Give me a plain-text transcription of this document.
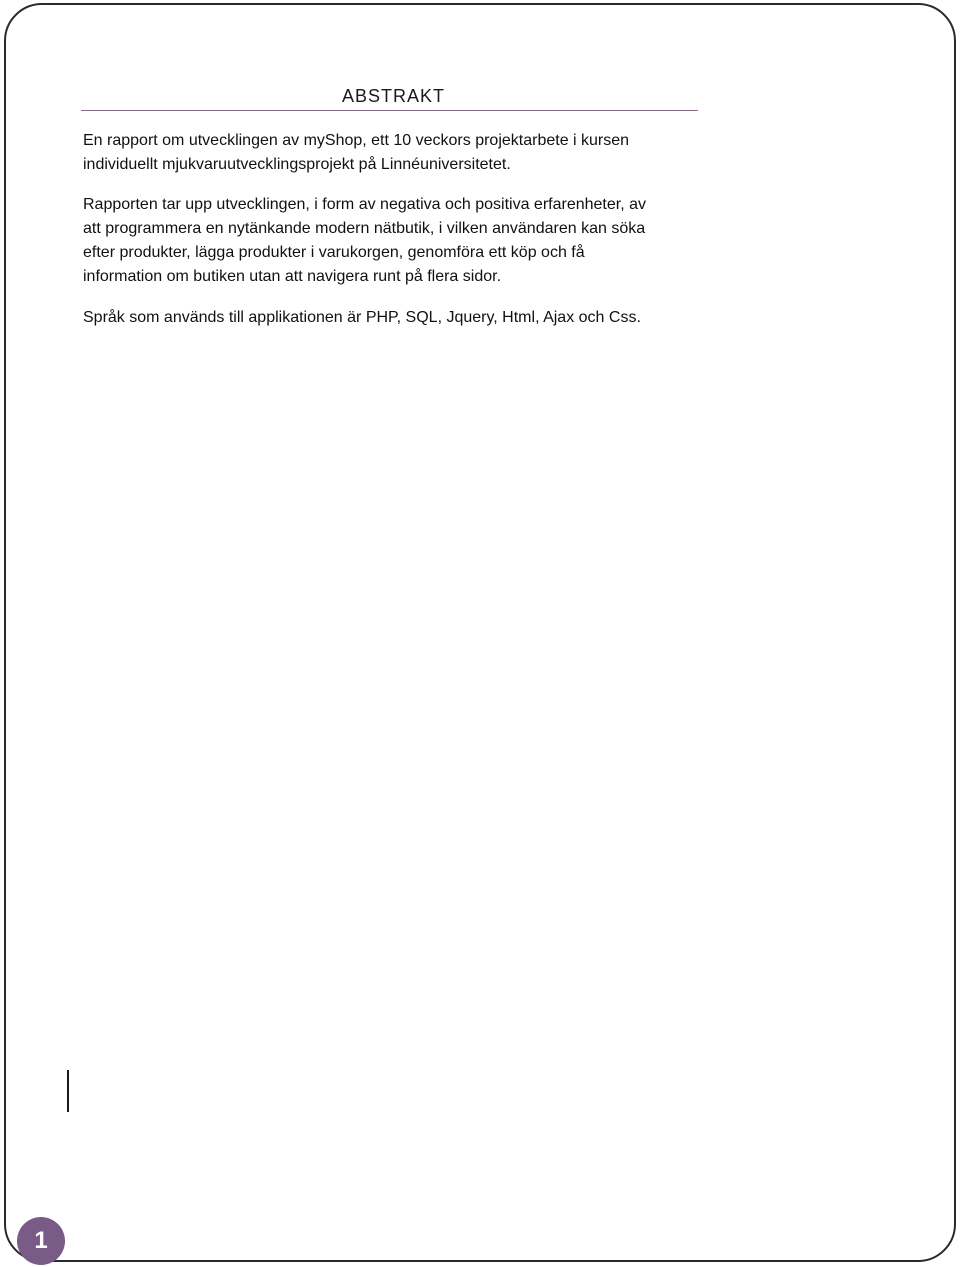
ABSTRAKT

En rapport om utvecklingen av myShop, ett 10 veckors projektarbete i kursen
individuellt mjukvaruutvecklingsprojekt på Linnéuniversitetet.

Rapporten tar upp utvecklingen, i form av negativa och positiva erfarenheter, av
att programmera en nytänkande modern nätbutik, i vilken användaren kan söka
efter produkter, lägga produkter i varukorgen, genomföra ett köp och få
information om butiken utan att navigera runt på flera sidor.

Språk som används till applikationen är PHP, SQL, Jquery, Html, Ajax och Css.

1
